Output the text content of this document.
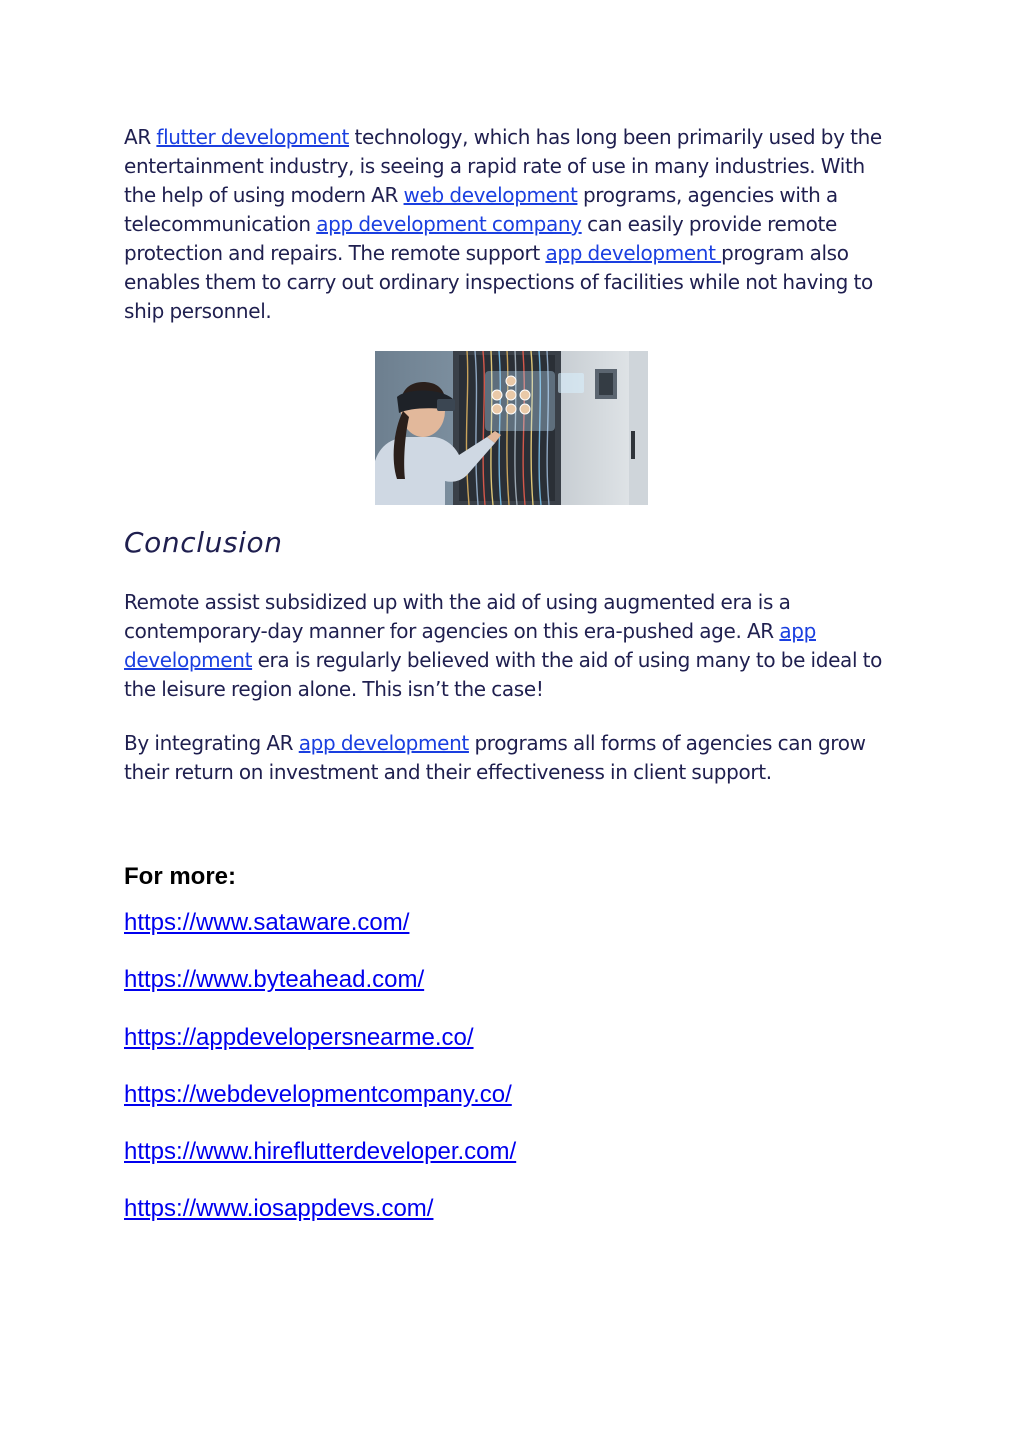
AR flutter development technology, which has long been primarily used by the entertainment industry, is seeing a rapid rate of use in many industries. With the help of using modern AR web development programs, agencies with a telecommunication app development company can easily provide remote protection and repairs. The remote support app development program also enables them to carry out ordinary inspections of facilities while not having to ship personnel.

Conclusion

Remote assist subsidized up with the aid of using augmented era is a contemporary-day manner for agencies on this era-pushed age. AR app development era is regularly believed with the aid of using many to be ideal to the leisure region alone. This isn’t the case!

By integrating AR app development programs all forms of agencies can grow their return on investment and their effectiveness in client support.

For more:
https://www.sataware.com/
https://www.byteahead.com/
https://appdevelopersnearme.co/
https://webdevelopmentcompany.co/
https://www.hireflutterdeveloper.com/
https://www.iosappdevs.com/
